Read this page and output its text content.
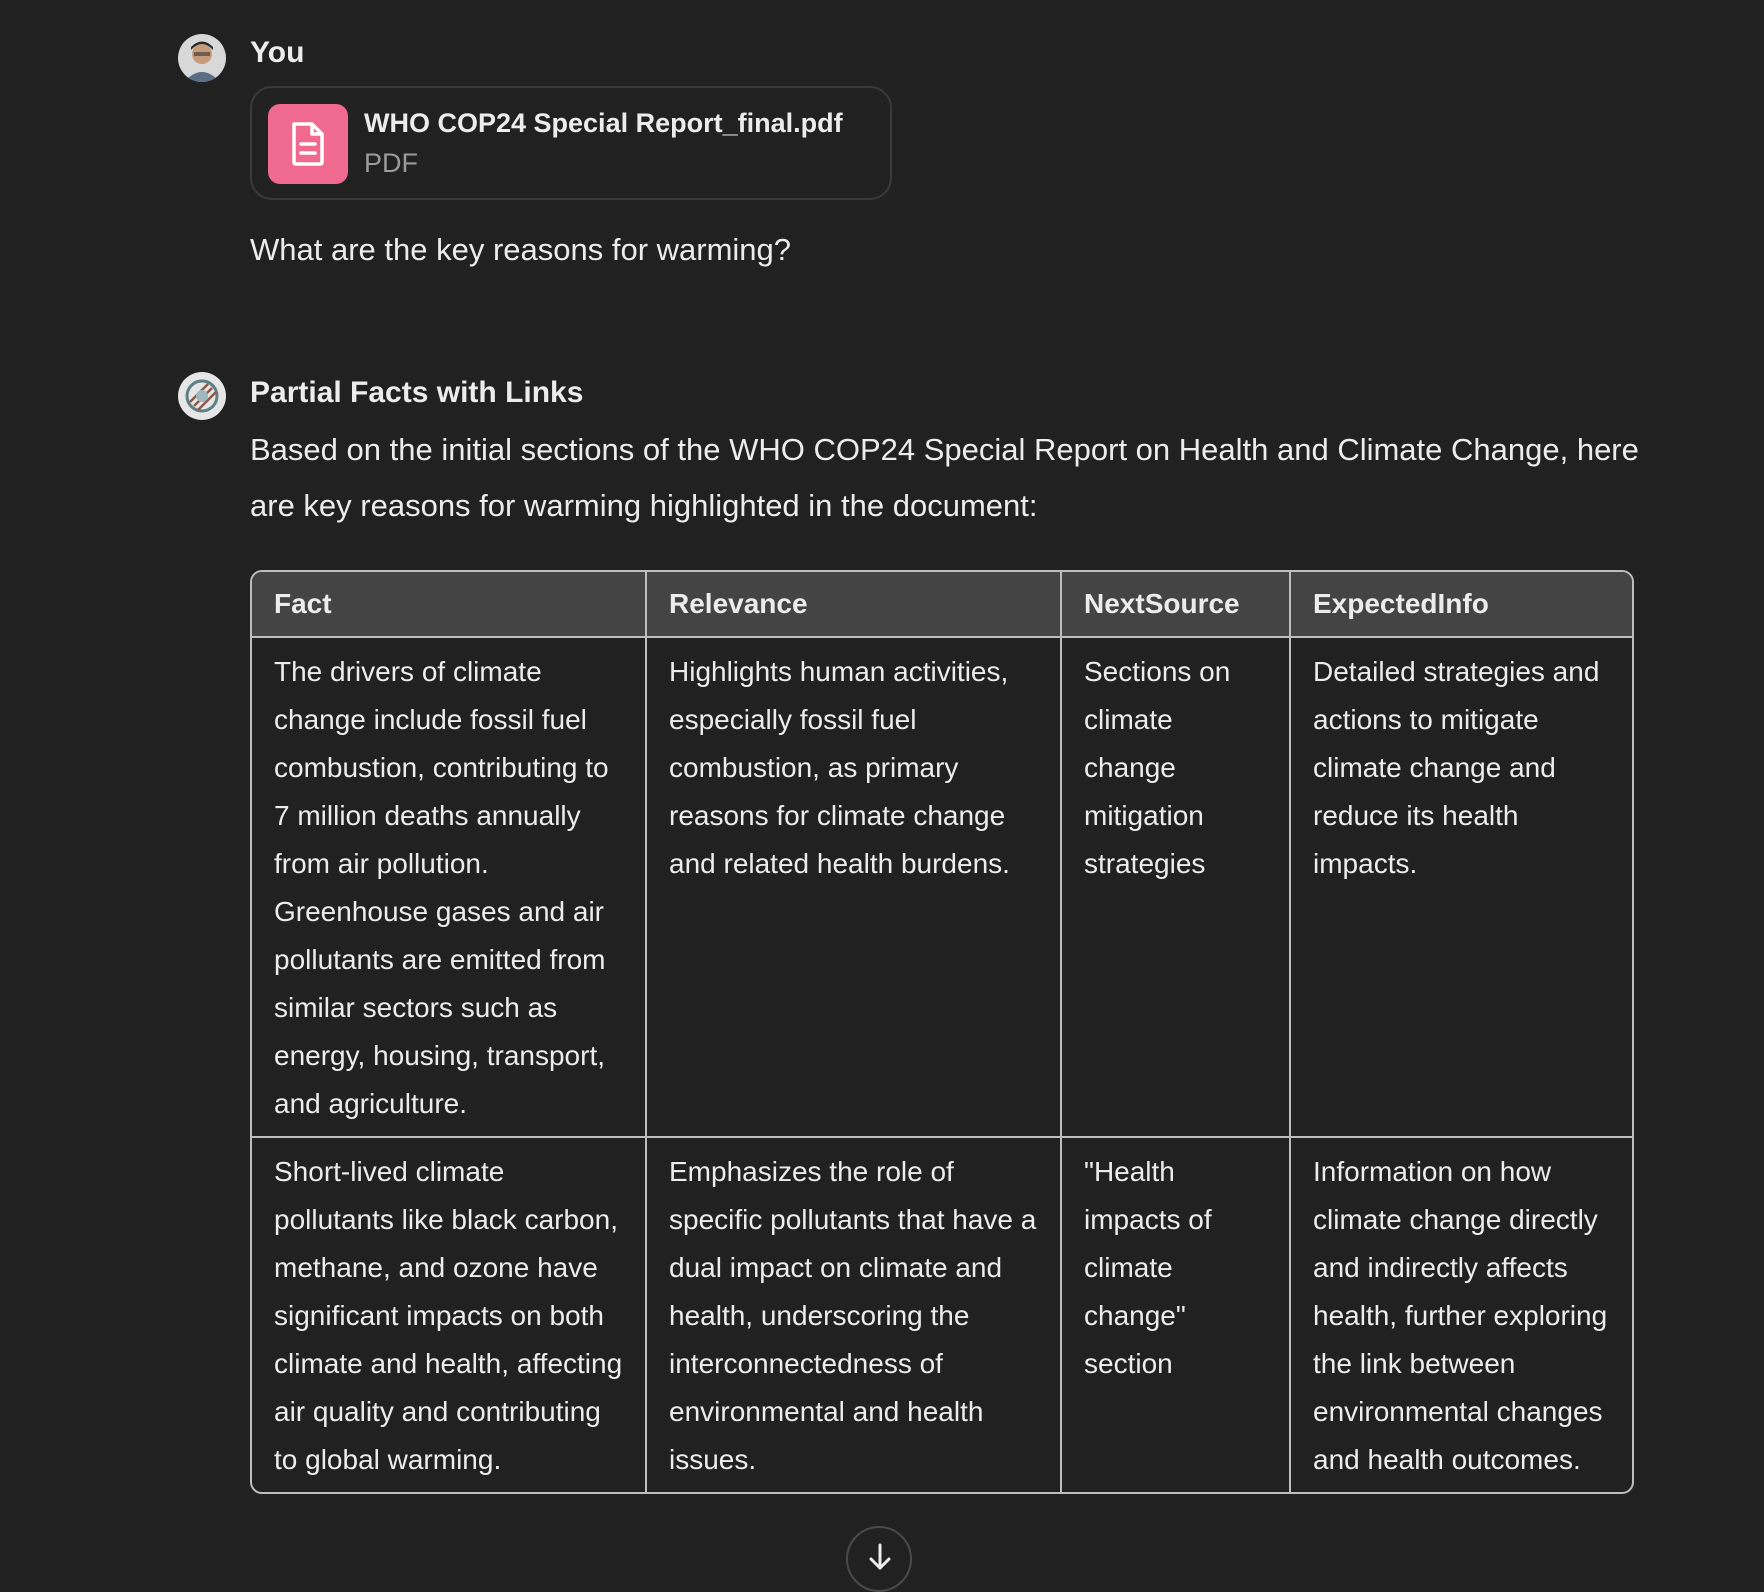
You
WHO COP24 Special Report_final.pdf
PDF
What are the key reasons for warming?
Partial Facts with Links
Based on the initial sections of the WHO COP24 Special Report on Health and Climate Change, here are key reasons for warming highlighted in the document:
Fact	Relevance	NextSource	ExpectedInfo
The drivers of climate change include fossil fuel combustion, contributing to 7 million deaths annually from air pollution. Greenhouse gases and air pollutants are emitted from similar sectors such as energy, housing, transport, and agriculture.	Highlights human activities, especially fossil fuel combustion, as primary reasons for climate change and related health burdens.	Sections on climate change mitigation strategies	Detailed strategies and actions to mitigate climate change and reduce its health impacts.
Short-lived climate pollutants like black carbon, methane, and ozone have significant impacts on both climate and health, affecting air quality and contributing to global warming.	Emphasizes the role of specific pollutants that have a dual impact on climate and health, underscoring the interconnectedness of environmental and health issues.	"Health impacts of climate change" section	Information on how climate change directly and indirectly affects health, further exploring the link between environmental changes and health outcomes.
